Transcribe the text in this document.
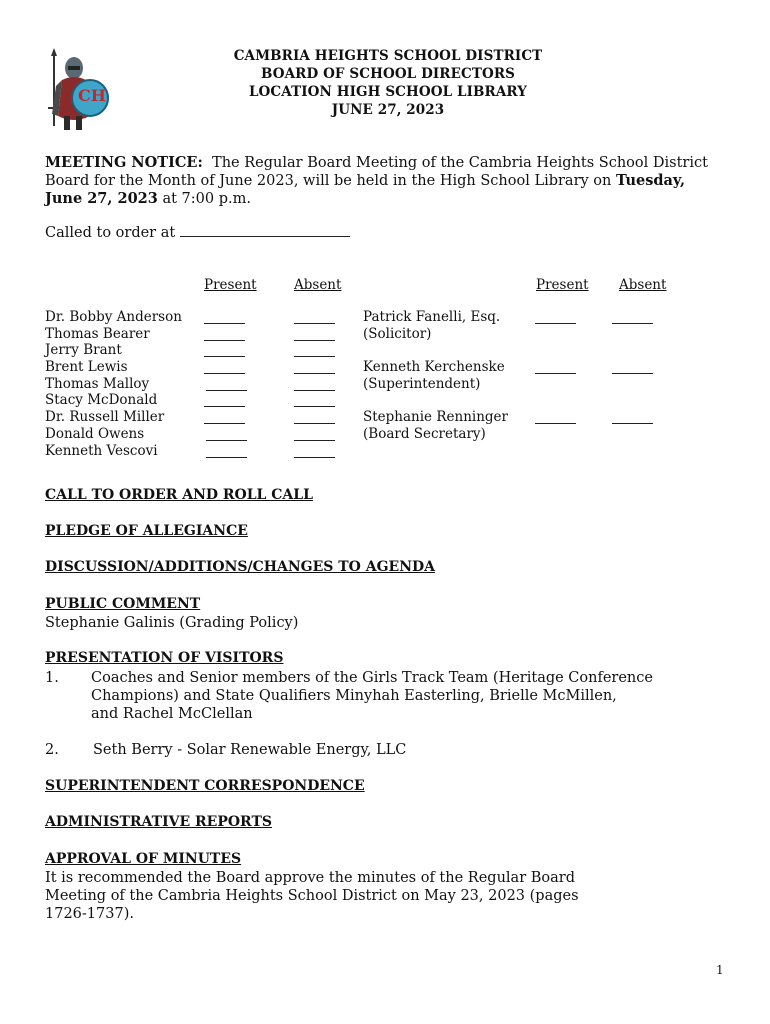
CH
CAMBRIA HEIGHTS SCHOOL DISTRICT
BOARD OF SCHOOL DIRECTORS
LOCATION HIGH SCHOOL LIBRARY
JUNE 27, 2023
MEETING NOTICE: The Regular Board Meeting of the Cambria Heights School District
Board for the Month of June 2023, will be held in the High School Library on Tuesday,
June 27, 2023 at 7:00 p.m.
Called to order at
Present	Absent	Present Absent
Dr. Bobby Anderson
Thomas Bearer
Jerry Brant
Brent Lewis
Thomas Malloy
Stacy McDonald
Dr. Russell Miller
Donald Owens
Kenneth Vescovi
Patrick Fanelli, Esq.
(Solicitor)
Kenneth Kerchenske
(Superintendent)
Stephanie Renninger
(Board Secretary)
CALL TO ORDER AND ROLL CALL
PLEDGE OF ALLEGIANCE
DISCUSSION/ADDITIONS/CHANGES TO AGENDA
PUBLIC COMMENT
Stephanie Galinis (Grading Policy)
PRESENTATION OF VISITORS
1. Coaches and Senior members of the Girls Track Team (Heritage Conference
Champions) and State Qualifiers Minyhah Easterling, Brielle McMillen,
and Rachel McClellan
2. Seth Berry - Solar Renewable Energy, LLC
SUPERINTENDENT CORRESPONDENCE
ADMINISTRATIVE REPORTS
APPROVAL OF MINUTES
It is recommended the Board approve the minutes of the Regular Board
Meeting of the Cambria Heights School District on May 23, 2023 (pages
1726-1737).
1
